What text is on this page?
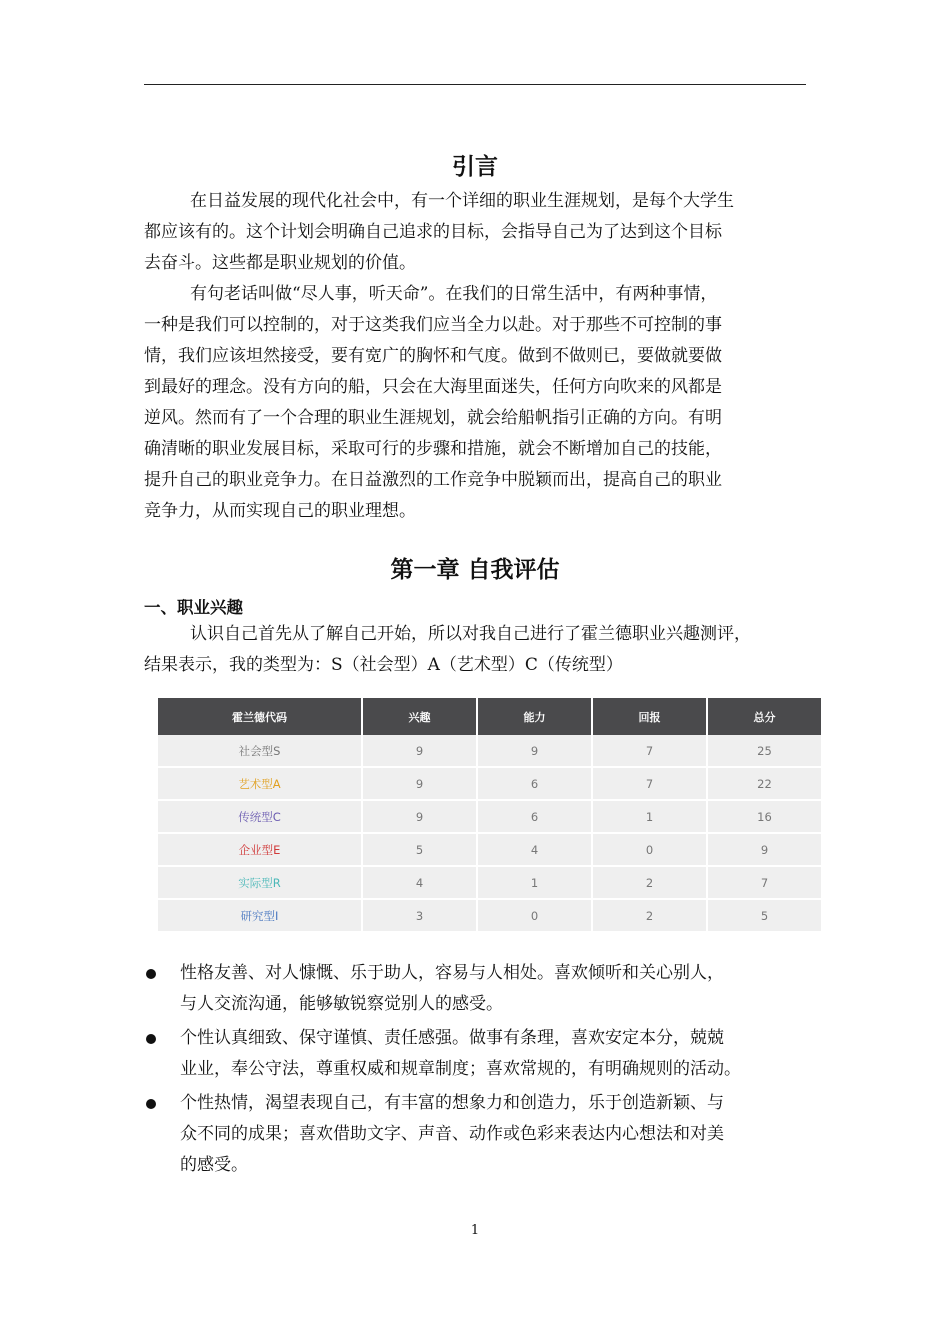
引言
在日益发展的现代化社会中，有一个详细的职业生涯规划，是每个大学生
都应该有的。这个计划会明确自己追求的目标，会指导自己为了达到这个目标
去奋斗。这些都是职业规划的价值。
有句老话叫做“尽人事，听天命”。在我们的日常生活中，有两种事情，
一种是我们可以控制的，对于这类我们应当全力以赴。对于那些不可控制的事
情，我们应该坦然接受，要有宽广的胸怀和气度。做到不做则已，要做就要做
到最好的理念。没有方向的船，只会在大海里面迷失，任何方向吹来的风都是
逆风。然而有了一个合理的职业生涯规划，就会给船帆指引正确的方向。有明
确清晰的职业发展目标，采取可行的步骤和措施，就会不断增加自己的技能，
提升自己的职业竞争力。在日益激烈的工作竞争中脱颖而出，提高自己的职业
竞争力，从而实现自己的职业理想。
第一章 自我评估
一、职业兴趣
认识自己首先从了解自己开始，所以对我自己进行了霍兰德职业兴趣测评，
结果表示，我的类型为：S（社会型）A（艺术型）C（传统型）
性格友善、对人慷慨、乐于助人，容易与人相处。喜欢倾听和关心别人，
与人交流沟通，能够敏锐察觉别人的感受。
个性认真细致、保守谨慎、责任感强。做事有条理，喜欢安定本分，兢兢
业业，奉公守法，尊重权威和规章制度；喜欢常规的，有明确规则的活动。
个性热情，渴望表现自己，有丰富的想象力和创造力，乐于创造新颖、与
众不同的成果；喜欢借助文字、声音、动作或色彩来表达内心想法和对美
的感受。
霍兰德代码	兴趣	能力	回报	总分
社会型S	9	9	7	25
艺术型A	9	6	7	22
传统型C	9	6	1	16
企业型E	5	4	0	9
实际型R	4	1	2	7
研究型I	3	0	2	5
1
